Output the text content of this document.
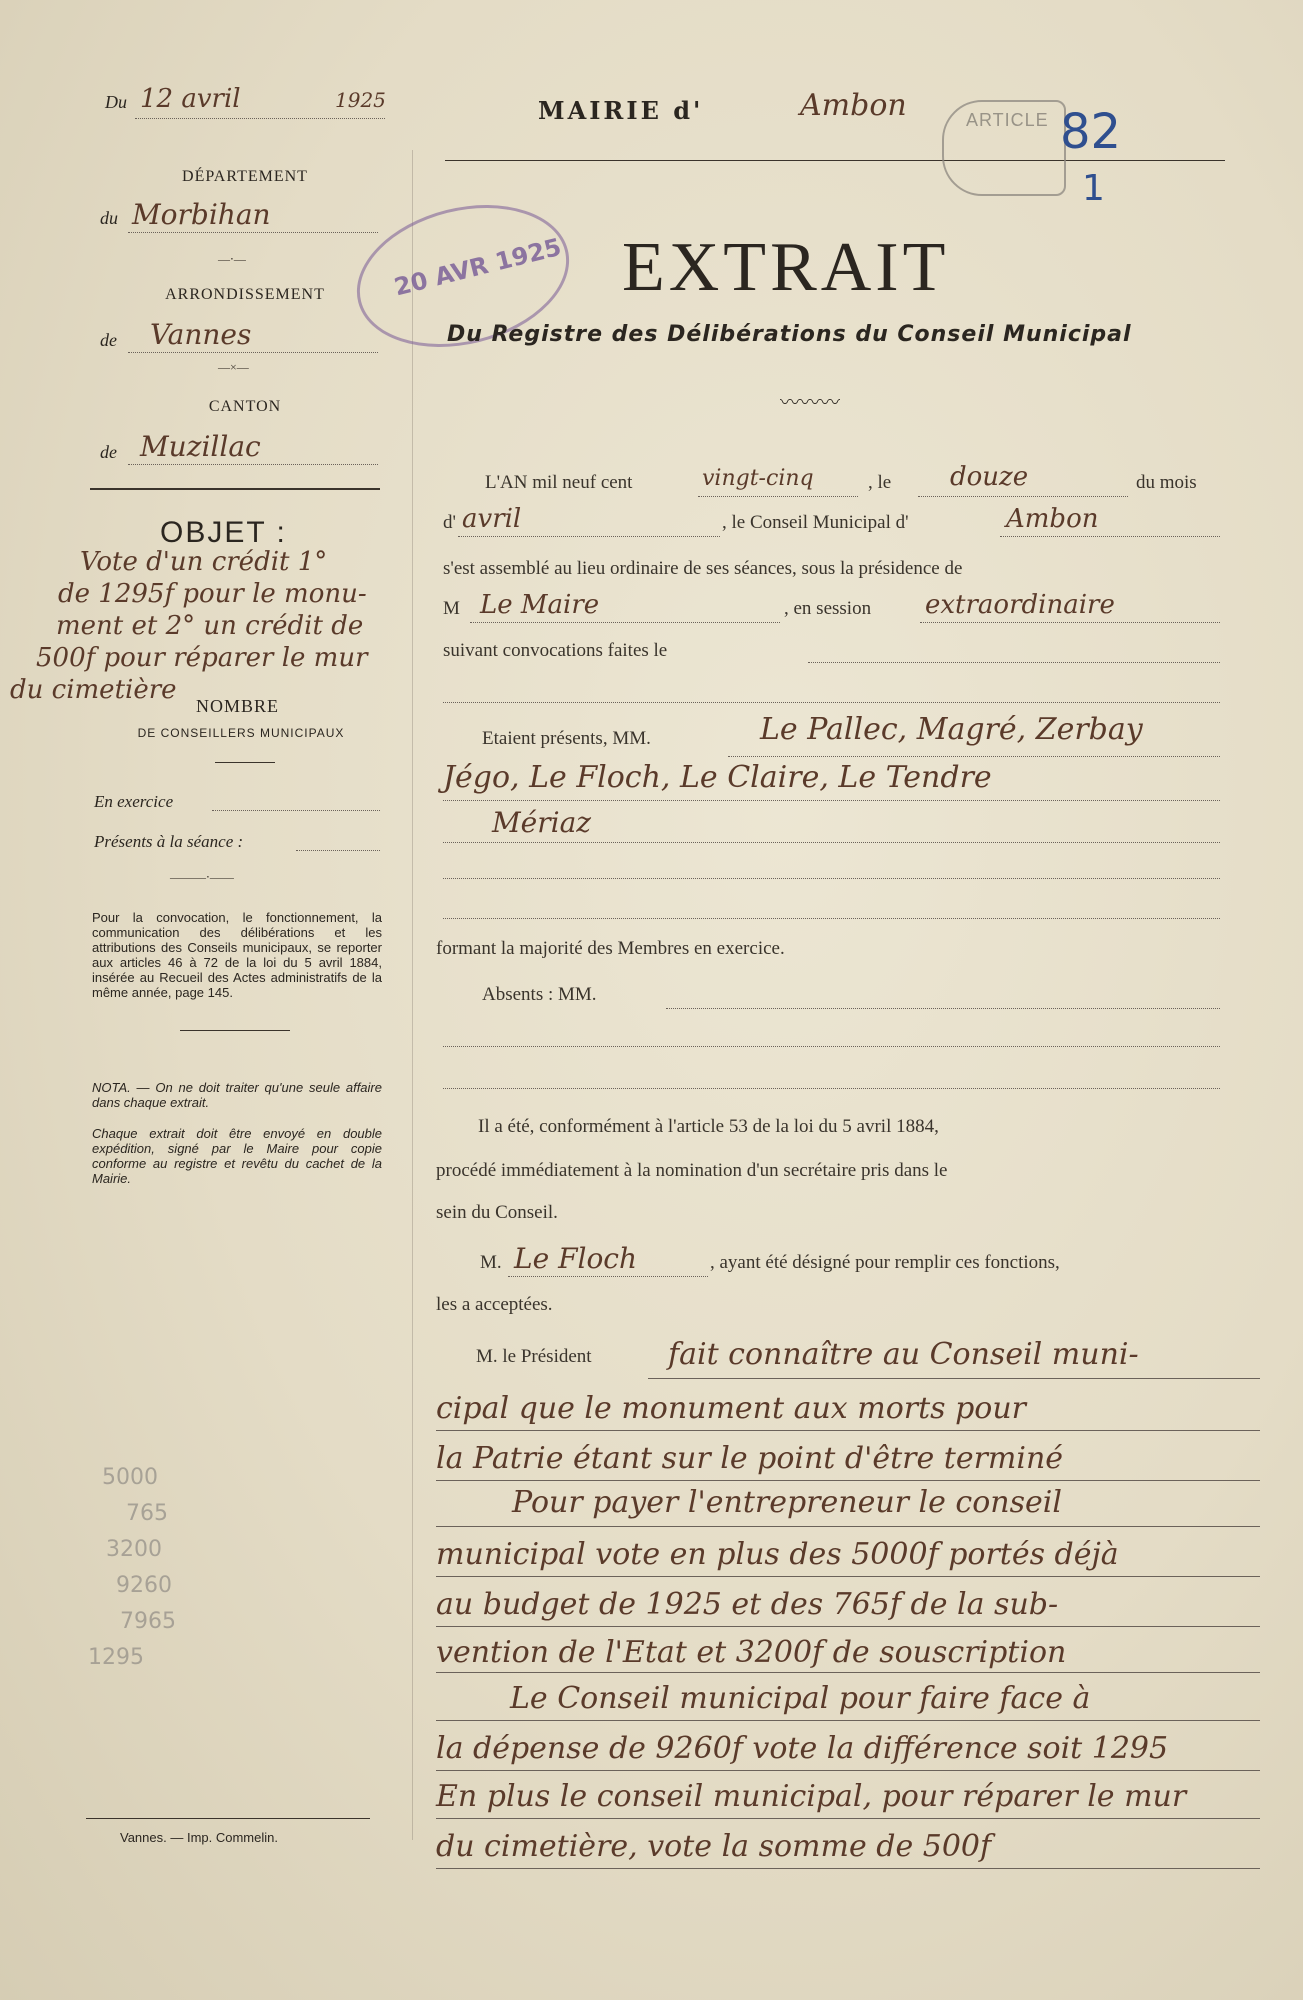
Du 12 avril	1925	MAIRIE d'	Ambon	ARTICLE 82
1
DÉPARTEMENT
du Morbihan
—⋅—
ARRONDISSEMENT
de Vannes
—×—
CANTON
de Muzillac
OBJET :
Vote d'un crédit 1°
de 1295f pour le monu-
ment et 2° un crédit de
500f pour réparer le mur
du cimetière
NOMBRE
DE CONSEILLERS MUNICIPAUX
En exercice
Présents à la séance :
———⋅——
Pour la convocation, le fonctionnement, la communication des délibérations et les attributions des Conseils municipaux, se reporter aux articles 46 à 72 de la loi du 5 avril 1884, insérée au Recueil des Actes administratifs de la même année, page 145.
NOTA. — On ne doit traiter qu'une seule affaire dans chaque extrait.
Chaque extrait doit être envoyé en double expédition, signé par le Maire pour copie conforme au registre et revêtu du cachet de la Mairie.
5000
765
3200
9260
7965
1295
Vannes. — Imp. Commelin.
20 AVR 1925 EXTRAIT
Du Registre des Délibérations du Conseil Municipal
〰〰〰
L'AN mil neuf cent	vingt-cinq	, le douze	du mois
d' avril	, le Conseil Municipal d'	Ambon
s'est assemblé au lieu ordinaire de ses séances, sous la présidence de
M Le Maire	, en session extraordinaire
suivant convocations faites le
Etaient présents, MM.	Le Pallec, Magré, Zerbay
Jégo, Le Floch, Le Claire, Le Tendre
Mériaz
formant la majorité des Membres en exercice.
Absents : MM.
Il a été, conformément à l'article 53 de la loi du 5 avril 1884,
procédé immédiatement à la nomination d'un secrétaire pris dans le
sein du Conseil.
M. Le Floch	, ayant été désigné pour remplir ces fonctions,
les a acceptées.
M. le Président	fait connaître au Conseil muni-
cipal que le monument aux morts pour
la Patrie étant sur le point d'être terminé
Pour payer l'entrepreneur le conseil
municipal vote en plus des 5000f portés déjà
au budget de 1925 et des 765f de la sub-
vention de l'Etat et 3200f de souscription
Le Conseil municipal pour faire face à
la dépense de 9260f vote la différence soit 1295
En plus le conseil municipal, pour réparer le mur
du cimetière, vote la somme de 500f
